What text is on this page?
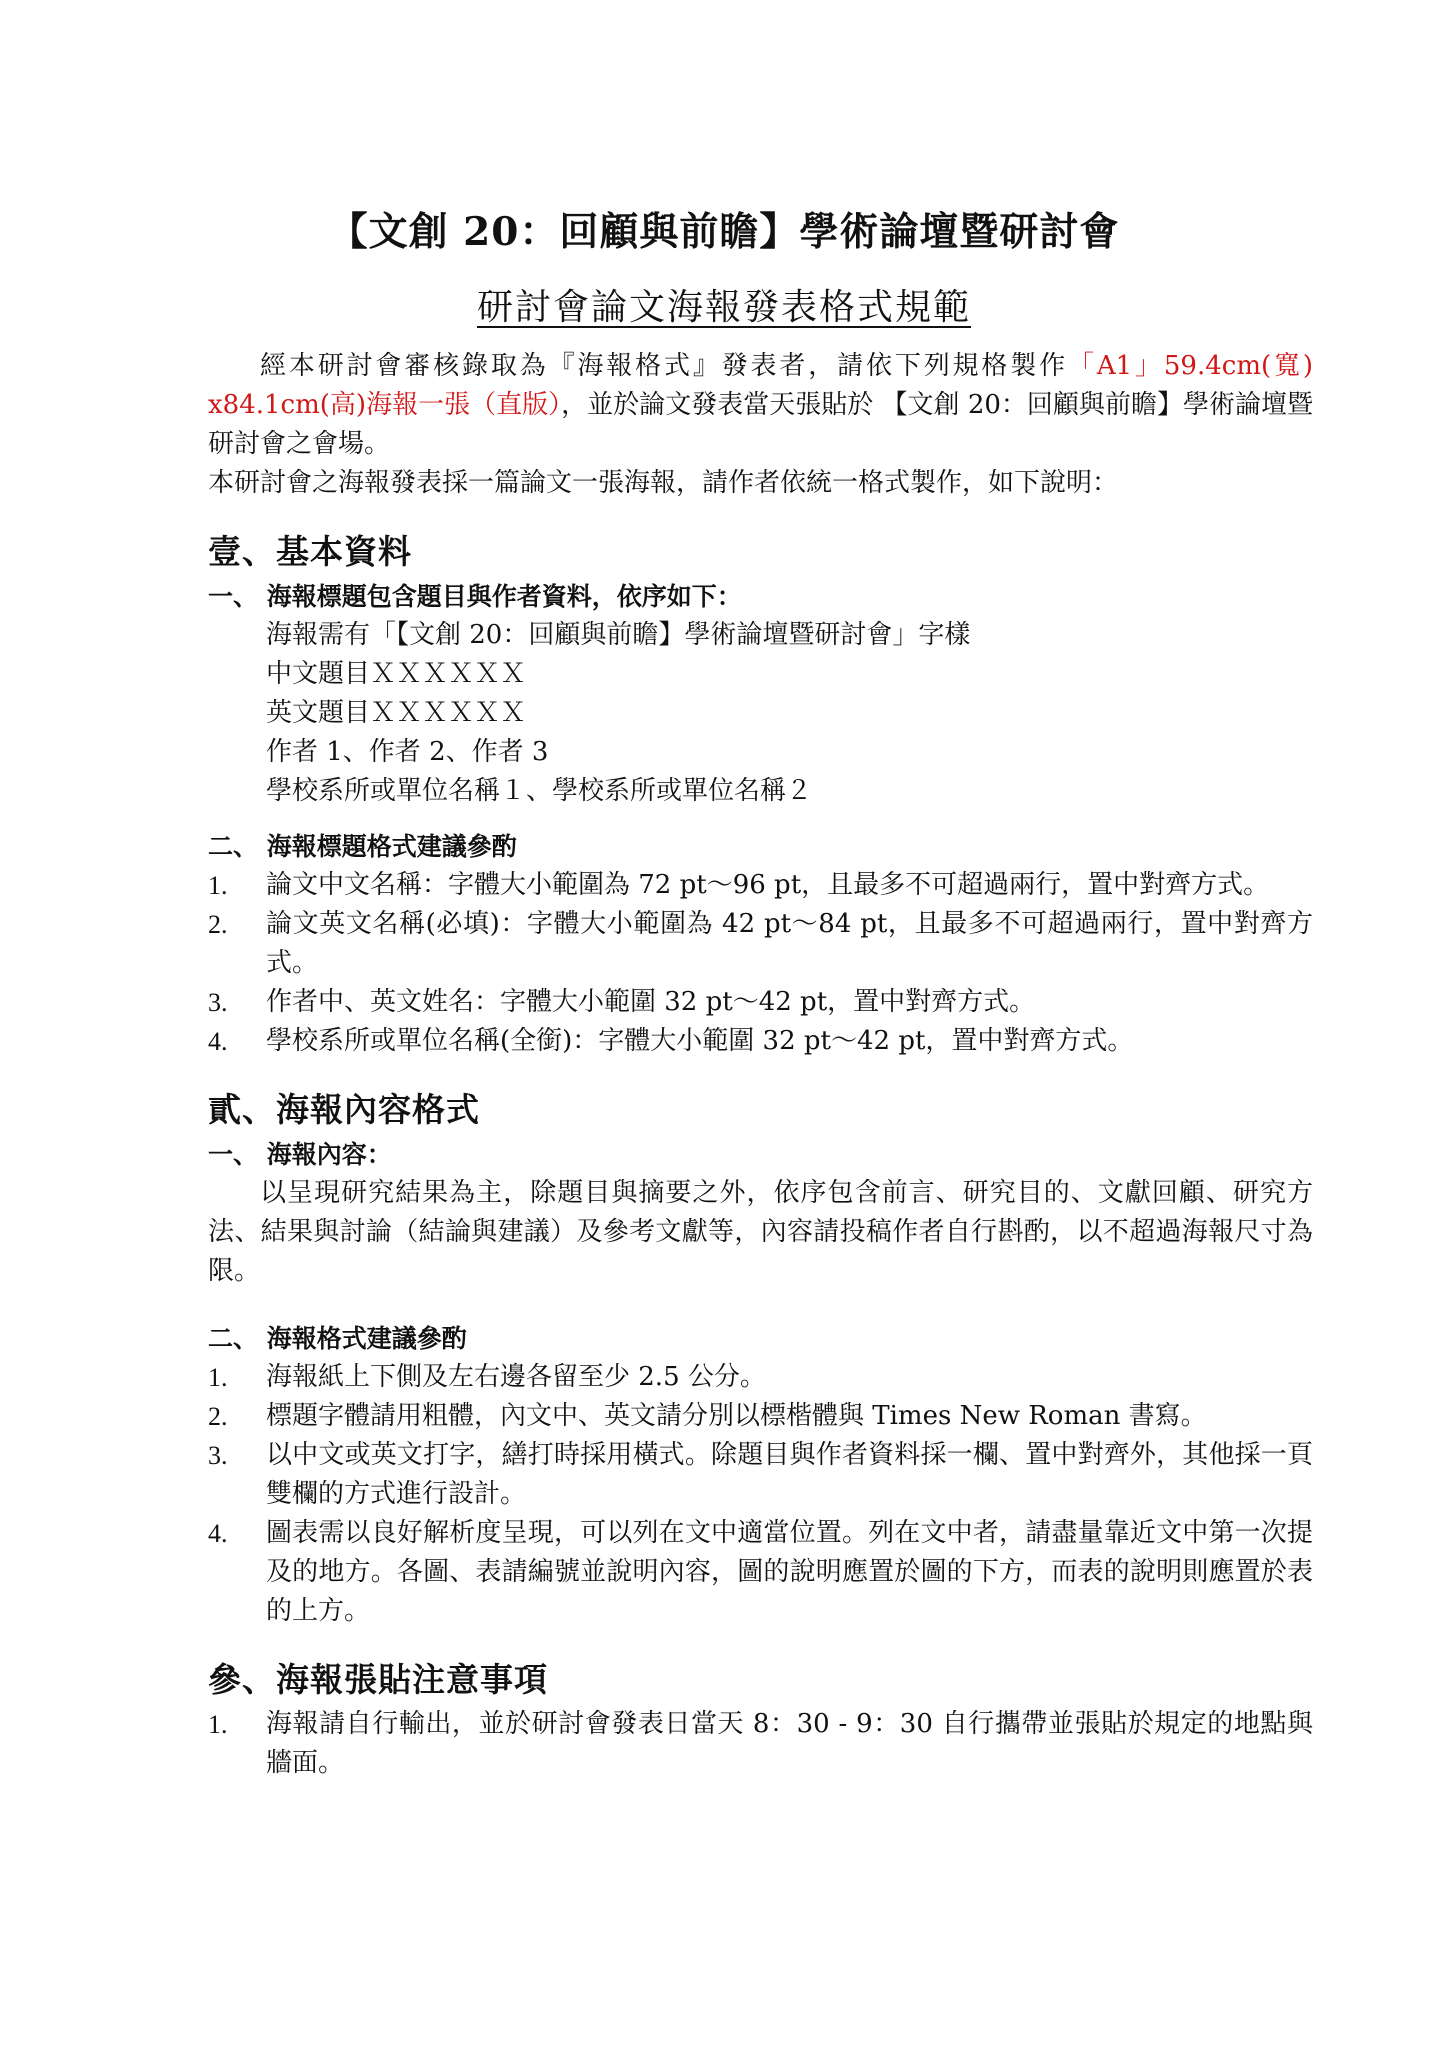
【文創 20：回顧與前瞻】學術論壇暨研討會
研討會論文海報發表格式規範

經本研討會審核錄取為『海報格式』發表者，請依下列規格製作「A1」59.4cm(寬) x84.1cm(高)海報一張（直版），並於論文發表當天張貼於 【文創 20：回顧與前瞻】學術論壇暨研討會之會場。

本研討會之海報發表採一篇論文一張海報，請作者依統一格式製作，如下說明：

壹、基本資料
一、 海報標題包含題目與作者資料，依序如下：
海報需有「【文創 20：回顧與前瞻】學術論壇暨研討會」字樣
中文題目ＸＸＸＸＸＸ
英文題目ＸＸＸＸＸＸ
作者 1、作者 2、作者 3
學校系所或單位名稱１、學校系所或單位名稱２
二、 海報標題格式建議參酌
1. 論文中文名稱：字體大小範圍為 72 pt～96 pt，且最多不可超過兩行，置中對齊方式。
2. 論文英文名稱(必填)：字體大小範圍為 42 pt～84 pt，且最多不可超過兩行，置中對齊方式。
3. 作者中、英文姓名：字體大小範圍 32 pt～42 pt，置中對齊方式。
4. 學校系所或單位名稱(全銜)：字體大小範圍 32 pt～42 pt，置中對齊方式。
貳、海報內容格式
一、 海報內容：

以呈現研究結果為主，除題目與摘要之外，依序包含前言、研究目的、文獻回顧、研究方法、結果與討論（結論與建議）及參考文獻等，內容請投稿作者自行斟酌，以不超過海報尺寸為限。

二、 海報格式建議參酌
1. 海報紙上下側及左右邊各留至少 2.5 公分。
2. 標題字體請用粗體，內文中、英文請分別以標楷體與 Times New Roman 書寫。
3. 以中文或英文打字，繕打時採用橫式。除題目與作者資料採一欄、置中對齊外，其他採一頁雙欄的方式進行設計。
4. 圖表需以良好解析度呈現，可以列在文中適當位置。列在文中者，請盡量靠近文中第一次提及的地方。各圖、表請編號並說明內容，圖的說明應置於圖的下方，而表的說明則應置於表的上方。
參、海報張貼注意事項
1. 海報請自行輸出，並於研討會發表日當天 8：30 - 9：30 自行攜帶並張貼於規定的地點與牆面。
